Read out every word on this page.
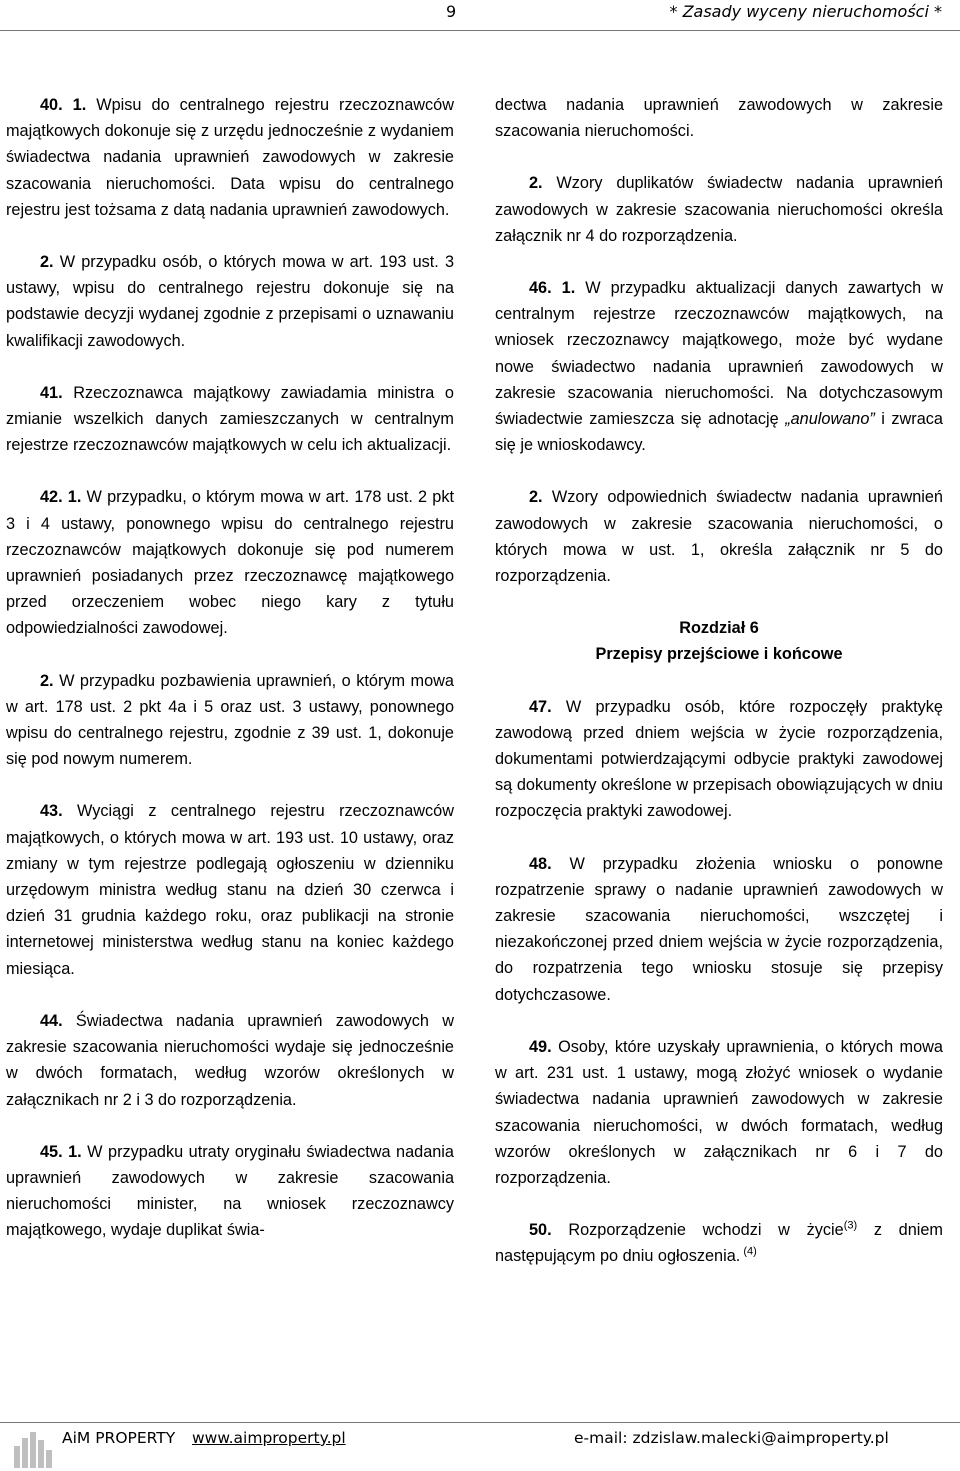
9	* Zasady wyceny nieruchomości *

40. 1. Wpisu do centralnego rejestru rzeczoznawców majątkowych dokonuje się z urzędu jednocześnie z wydaniem świadectwa nadania uprawnień zawodowych w zakresie szacowania nieruchomości. Data wpisu do centralnego rejestru jest tożsama z datą nadania uprawnień zawodowych.

2. W przypadku osób, o których mowa w art. 193 ust. 3 ustawy, wpisu do centralnego rejestru dokonuje się na podstawie decyzji wydanej zgodnie z przepisami o uznawaniu kwalifikacji zawodowych.

41. Rzeczoznawca majątkowy zawiadamia ministra o zmianie wszelkich danych zamieszczanych w centralnym rejestrze rzeczoznawców majątkowych w celu ich aktualizacji.

42. 1. W przypadku, o którym mowa w art. 178 ust. 2 pkt 3 i 4 ustawy, ponownego wpisu do centralnego rejestru rzeczoznawców majątkowych dokonuje się pod numerem uprawnień posiadanych przez rzeczoznawcę majątkowego przed orzeczeniem wobec niego kary z tytułu odpowiedzialności zawodowej.

2. W przypadku pozbawienia uprawnień, o którym mowa w art. 178 ust. 2 pkt 4a i 5 oraz ust. 3 ustawy, ponownego wpisu do centralnego rejestru, zgodnie z 39 ust. 1, dokonuje się pod nowym numerem.

43. Wyciągi z centralnego rejestru rzeczoznawców majątkowych, o których mowa w art. 193 ust. 10 ustawy, oraz zmiany w tym rejestrze podlegają ogłoszeniu w dzienniku urzędowym ministra według stanu na dzień 30 czerwca i dzień 31 grudnia każdego roku, oraz publikacji na stronie internetowej ministerstwa według stanu na koniec każdego miesiąca.

44. Świadectwa nadania uprawnień zawodowych w zakresie szacowania nieruchomości wydaje się jednocześnie w dwóch formatach, według wzorów określonych w załącznikach nr 2 i 3 do rozporządzenia.

45. 1. W przypadku utraty oryginału świadectwa nadania uprawnień zawodowych w zakresie szacowania nieruchomości minister, na wniosek rzeczoznawcy majątkowego, wydaje duplikat świa-

dectwa nadania uprawnień zawodowych w zakresie szacowania nieruchomości.

2. Wzory duplikatów świadectw nadania uprawnień zawodowych w zakresie szacowania nieruchomości określa załącznik nr 4 do rozporządzenia.

46. 1. W przypadku aktualizacji danych zawartych w centralnym rejestrze rzeczoznawców majątkowych, na wniosek rzeczoznawcy majątkowego, może być wydane nowe świadectwo nadania uprawnień zawodowych w zakresie szacowania nieruchomości. Na dotychczasowym świadectwie zamieszcza się adnotację „anulowano” i zwraca się je wnioskodawcy.

2. Wzory odpowiednich świadectw nadania uprawnień zawodowych w zakresie szacowania nieruchomości, o których mowa w ust. 1, określa załącznik nr 5 do rozporządzenia.

Rozdział 6
Przepisy przejściowe i końcowe

47. W przypadku osób, które rozpoczęły praktykę zawodową przed dniem wejścia w życie rozporządzenia, dokumentami potwierdzającymi odbycie praktyki zawodowej są dokumenty określone w przepisach obowiązujących w dniu rozpoczęcia praktyki zawodowej.

48. W przypadku złożenia wniosku o ponowne rozpatrzenie sprawy o nadanie uprawnień zawodowych w zakresie szacowania nieruchomości, wszczętej i niezakończonej przed dniem wejścia w życie rozporządzenia, do rozpatrzenia tego wniosku stosuje się przepisy dotychczasowe.

49. Osoby, które uzyskały uprawnienia, o których mowa w art. 231 ust. 1 ustawy, mogą złożyć wniosek o wydanie świadectwa nadania uprawnień zawodowych w zakresie szacowania nieruchomości, w dwóch formatach, według wzorów określonych w załącznikach nr 6 i 7 do rozporządzenia.

50. Rozporządzenie wchodzi w życie$^{(3)}$ z dniem następującym po dniu ogłoszenia. $^{(4)}$

AiM PROPERTY www.aimproperty.pl	e-mail: zdzislaw.malecki@aimproperty.pl
